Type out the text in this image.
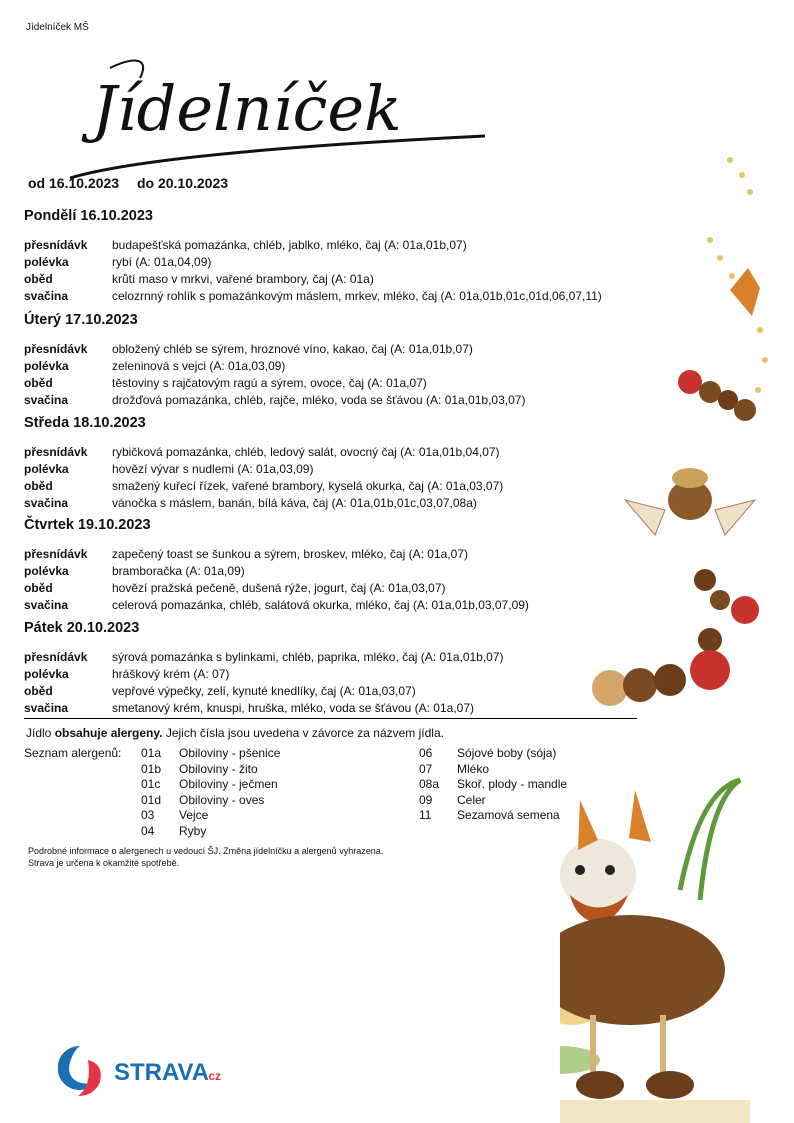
Jídelníček MŠ
Jídelníček
od 16.10.2023 do 20.10.2023
Pondělí 16.10.2023
přesnídávk	budapešťská pomazánka, chléb, jablko, mléko, čaj (A: 01a,01b,07)
polévka	rybí (A: 01a,04,09)
oběd	krůtí maso v mrkvi, vařené brambory, čaj (A: 01a)
svačina	celozrnný rohlík s pomazánkovým máslem, mrkev, mléko, čaj (A: 01a,01b,01c,01d,06,07,11)
Úterý 17.10.2023
přesnídávk	obložený chléb se sýrem, hroznové víno, kakao, čaj (A: 01a,01b,07)
polévka	zeleninová s vejci (A: 01a,03,09)
oběd	těstoviny s rajčatovým ragú a sýrem, ovoce, čaj (A: 01a,07)
svačina	drožďová pomazánka, chléb, rajče, mléko, voda se šťávou (A: 01a,01b,03,07)
Středa 18.10.2023
přesnídávk	rybičková pomazánka, chléb, ledový salát, ovocný čaj (A: 01a,01b,04,07)
polévka	hovězí vývar s nudlemi (A: 01a,03,09)
oběd	smažený kuřecí řízek, vařené brambory, kyselá okurka, čaj (A: 01a,03,07)
svačina	vánočka s máslem, banán, bílá káva, čaj (A: 01a,01b,01c,03,07,08a)
Čtvrtek 19.10.2023
přesnídávk	zapečený toast se šunkou a sýrem, broskev, mléko, čaj (A: 01a,07)
polévka	bramboračka (A: 01a,09)
oběd	hovězí pražská pečeně, dušená rýže, jogurt, čaj (A: 01a,03,07)
svačina	celerová pomazánka, chléb, salátová okurka, mléko, čaj (A: 01a,01b,03,07,09)
Pátek 20.10.2023
přesnídávk	sýrová pomazánka s bylinkami, chléb, paprika, mléko, čaj (A: 01a,01b,07)
polévka	hráškový krém (A: 07)
oběd	vepřové výpečky, zelí, kynuté knedlíky, čaj (A: 01a,03,07)
svačina	smetanový krém, knuspi, hruška, mléko, voda se šťávou (A: 01a,07)
Jídlo obsahuje alergeny. Jejich čísla jsou uvedena v závorce za názvem jídla.
Seznam alergenů: 01a Obiloviny - pšenice
01b Obiloviny - žito
01c Obiloviny - ječmen
01d Obiloviny - oves
03 Vejce
04 Ryby
06 Sójové boby (sója)
07 Mléko
08a Skoř. plody - mandle
09 Celer
11 Sezamová semena
Podrobné informace o alergenech u vedoucí ŠJ. Změna jídelníčku a alergenů vyhrazena.
Strava je určena k okamžité spotřebě.
STRAVA
.cz
